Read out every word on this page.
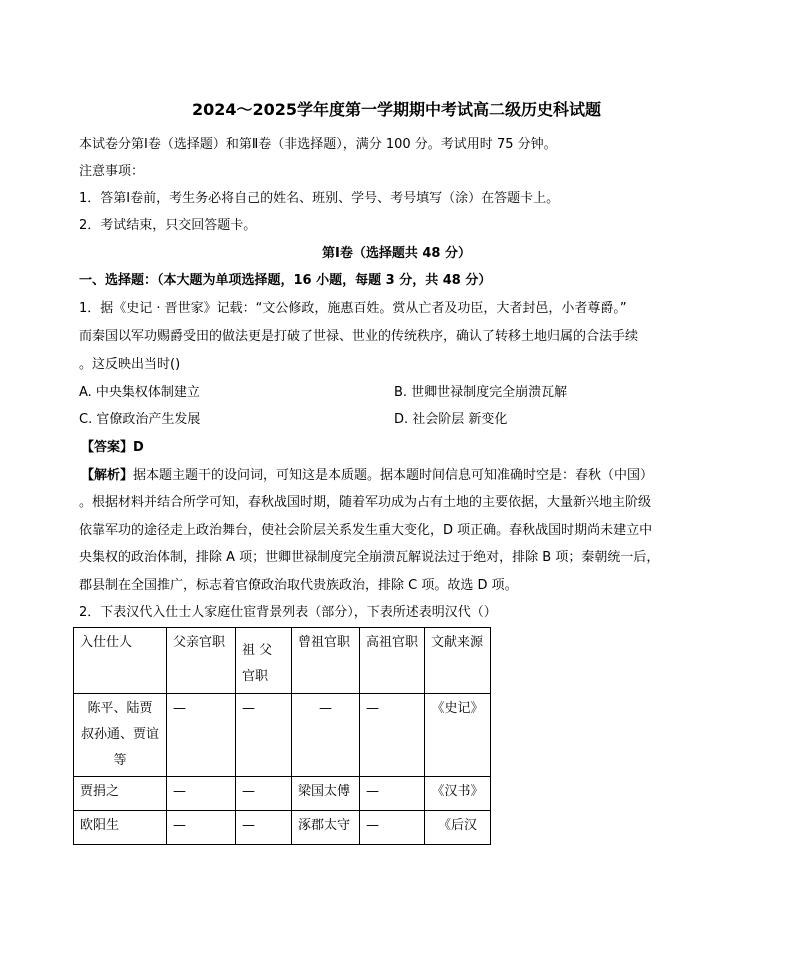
2024～2025学年度第一学期期中考试高二级历史科试题
本试卷分第Ⅰ卷（选择题）和第Ⅱ卷（非选择题），满分 100 分。考试用时 75 分钟。
注意事项：
1．答第Ⅰ卷前，考生务必将自己的姓名、班别、学号、考号填写（涂）在答题卡上。
2．考试结束，只交回答题卡。
第Ⅰ卷（选择题共 48 分）
一、选择题：（本大题为单项选择题，16 小题，每题 3 分，共 48 分）
1．据《史记 · 晋世家》记载：“文公修政，施惠百姓。赏从亡者及功臣，大者封邑，小者尊爵。”
而秦国以军功赐爵受田的做法更是打破了世禄、世业的传统秩序，确认了转移土地归属的合法手续
。这反映出当时()
A. 中央集权体制建立	B. 世卿世禄制度完全崩溃瓦解
C. 官僚政治产生发展	D. 社会阶层 新变化
【答案】D
【解析】据本题主题干的设问词，可知这是本质题。据本题时间信息可知准确时空是：春秋（中国）
。根据材料并结合所学可知，春秋战国时期，随着军功成为占有土地的主要依据，大量新兴地主阶级
依靠军功的途径走上政治舞台，使社会阶层关系发生重大变化，D 项正确。春秋战国时期尚未建立中
央集权的政治体制，排除 A 项；世卿世禄制度完全崩溃瓦解说法过于绝对，排除 B 项；秦朝统一后，
郡县制在全国推广，标志着官僚政治取代贵族政治，排除 C 项。故选 D 项。
2．下表汉代入仕士人家庭仕宦背景列表（部分），下表所述表明汉代（）
入仕仕人	父亲官职	祖 父
官职	曾祖官职	高祖官职	文献来源

陈平、陆贾
叔孙通、贾谊
等	—	—	—	—	《史记》
贾捐之	—	—	梁国太傅	—	《汉书》
欧阳生	—	—	涿郡太守	—	《后汉
